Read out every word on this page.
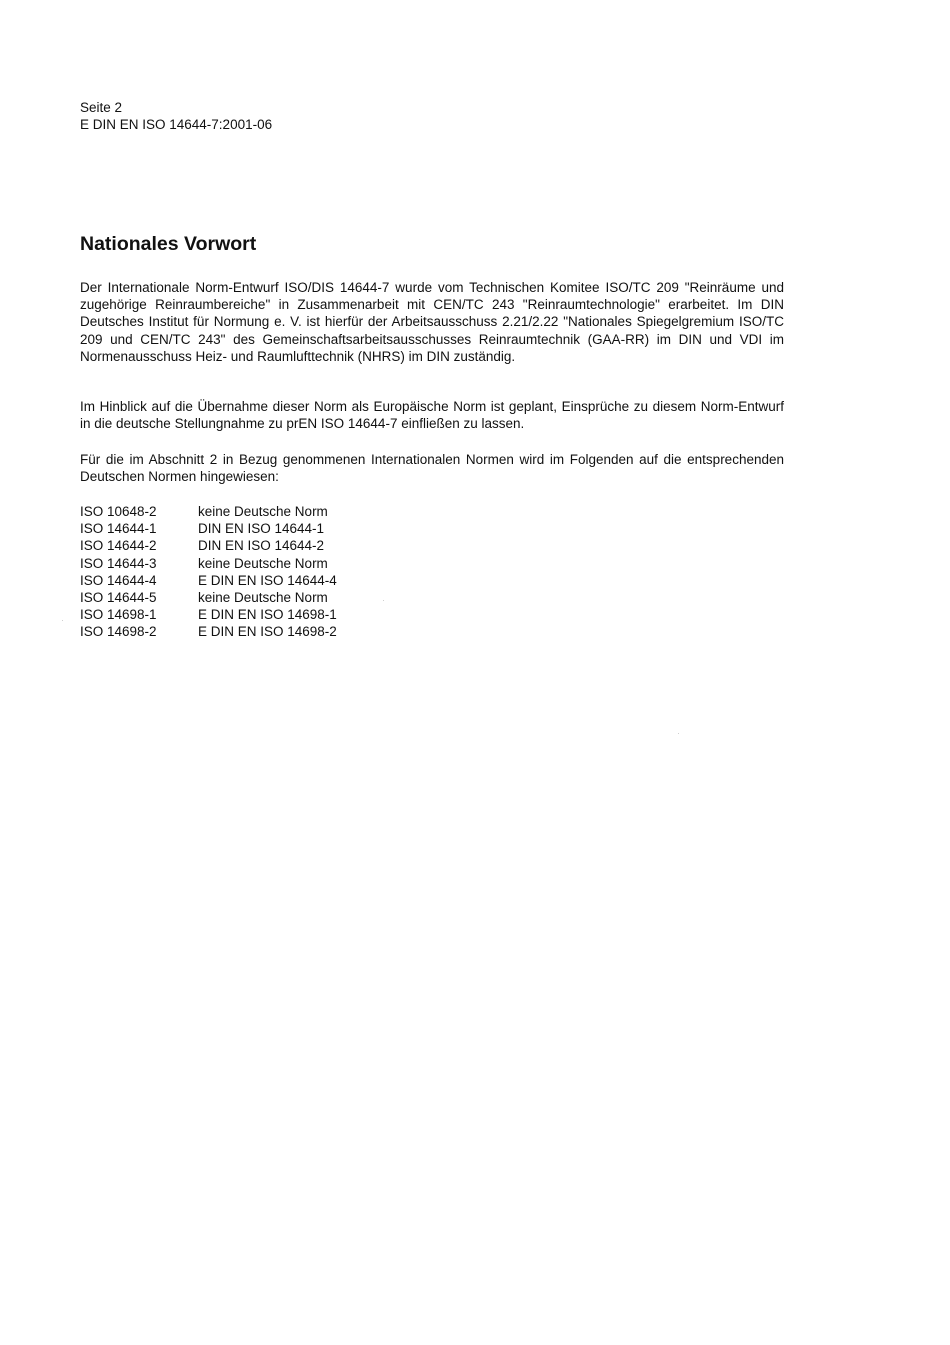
Seite 2
E DIN EN ISO 14644-7:2001-06
Nationales Vorwort

Der Internationale Norm-Entwurf ISO/DIS 14644-7 wurde vom Technischen Komitee ISO/TC 209 "Reinräume und zugehörige Reinraumbereiche" in Zusammenarbeit mit CEN/TC 243 "Reinraumtechnologie" erarbeitet. Im DIN Deutsches Institut für Normung e. V. ist hierfür der Arbeitsausschuss 2.21/2.22 "Nationales Spiegelgremium ISO/TC 209 und CEN/TC 243" des Gemeinschaftsarbeitsausschusses Reinraumtechnik (GAA-RR) im DIN und VDI im Normenausschuss Heiz- und Raumlufttechnik (NHRS) im DIN zuständig.

Im Hinblick auf die Übernahme dieser Norm als Europäische Norm ist geplant, Einsprüche zu diesem Norm-Entwurf in die deutsche Stellungnahme zu prEN ISO 14644-7 einfließen zu lassen.

Für die im Abschnitt 2 in Bezug genommenen Internationalen Normen wird im Folgenden auf die entsprechenden Deutschen Normen hingewiesen:

ISO 10648-2	keine Deutsche Norm
ISO 14644-1	DIN EN ISO 14644-1
ISO 14644-2	DIN EN ISO 14644-2
ISO 14644-3	keine Deutsche Norm
ISO 14644-4	E DIN EN ISO 14644-4
ISO 14644-5	keine Deutsche Norm
ISO 14698-1	E DIN EN ISO 14698-1
ISO 14698-2	E DIN EN ISO 14698-2
